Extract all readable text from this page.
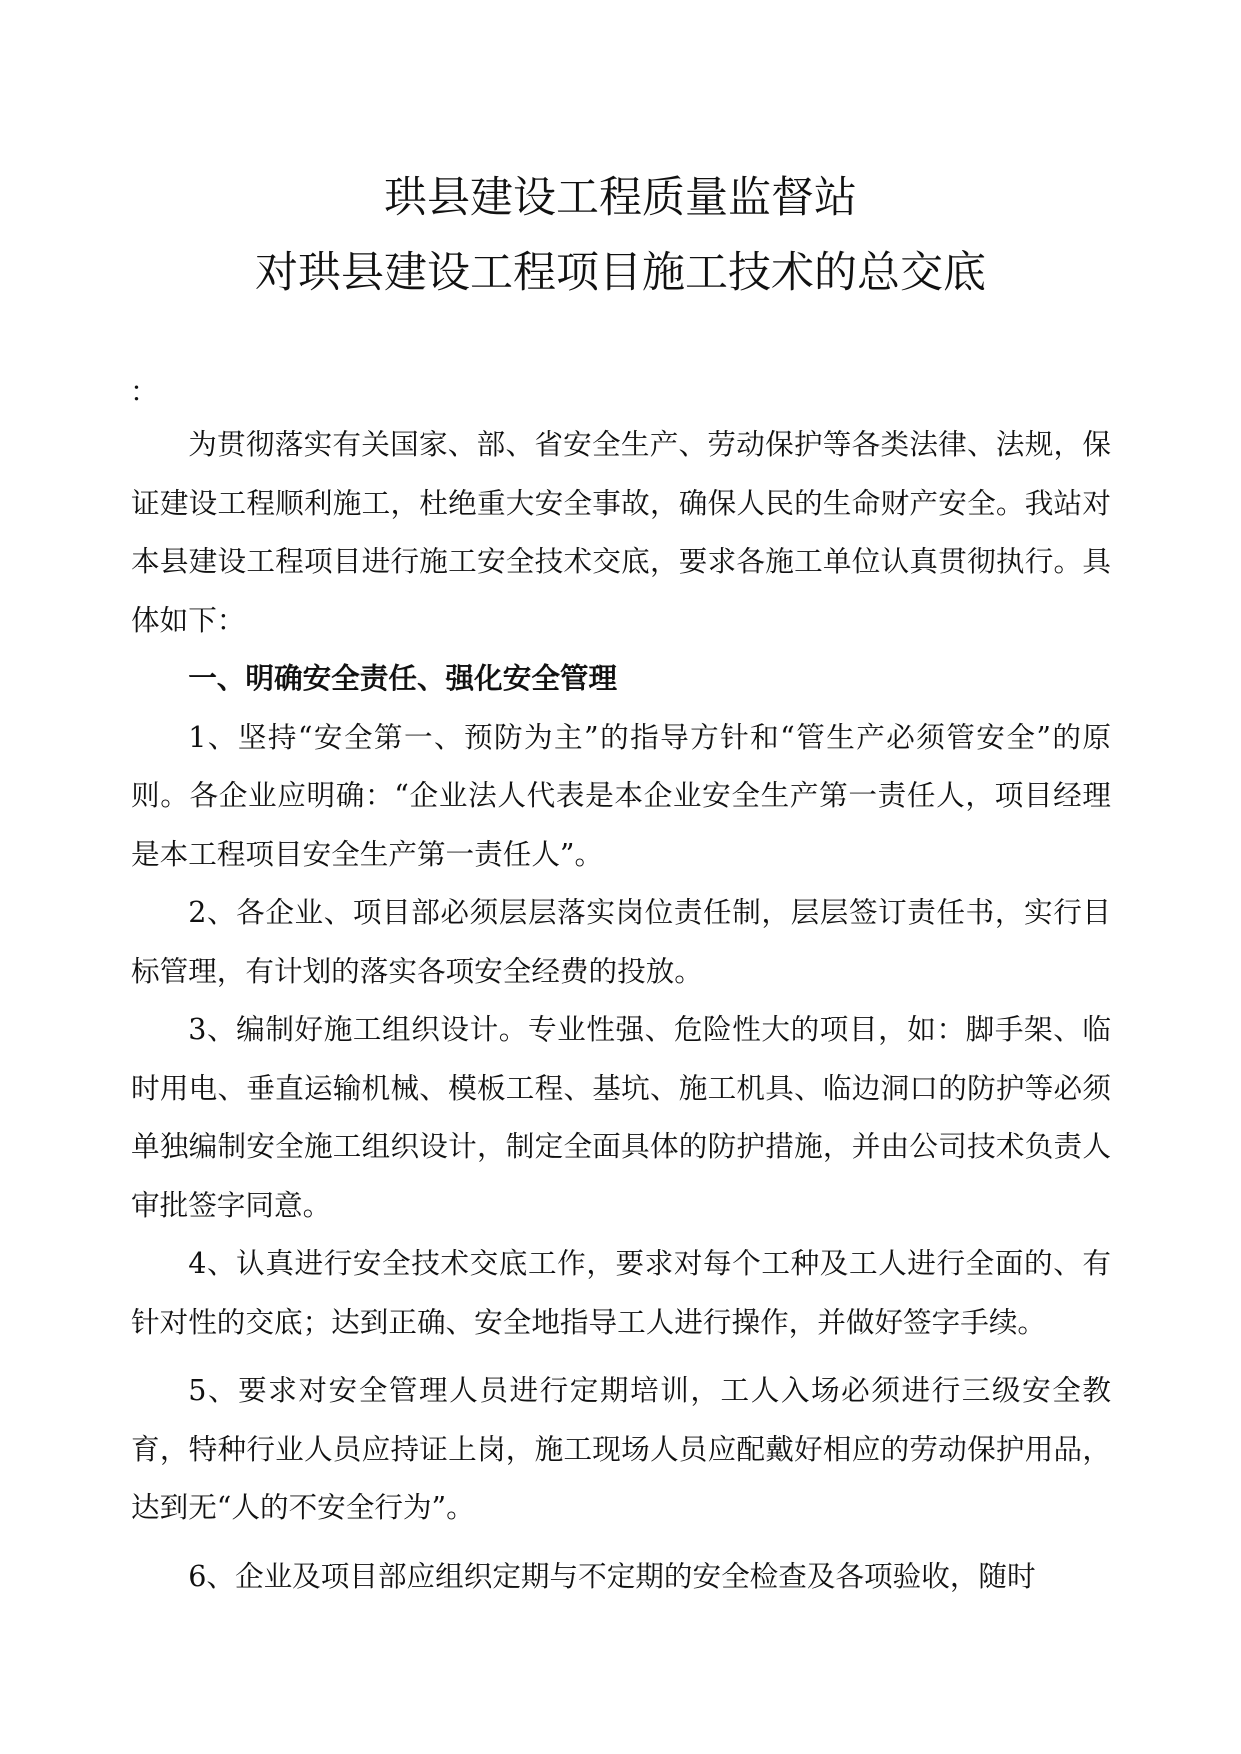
珙县建设工程质量监督站
对珙县建设工程项目施工技术的总交底
：

为贯彻落实有关国家、部、省安全生产、劳动保护等各类法律、法规，保证建设工程顺利施工，杜绝重大安全事故，确保人民的生命财产安全。我站对本县建设工程项目进行施工安全技术交底，要求各施工单位认真贯彻执行。具体如下：

一、明确安全责任、强化安全管理

1、坚持“安全第一、预防为主”的指导方针和“管生产必须管安全”的原则。各企业应明确：“企业法人代表是本企业安全生产第一责任人，项目经理是本工程项目安全生产第一责任人”。

2、各企业、项目部必须层层落实岗位责任制，层层签订责任书，实行目标管理，有计划的落实各项安全经费的投放。

3、编制好施工组织设计。专业性强、危险性大的项目，如：脚手架、临时用电、垂直运输机械、模板工程、基坑、施工机具、临边洞口的防护等必须单独编制安全施工组织设计，制定全面具体的防护措施，并由公司技术负责人审批签字同意。

4、认真进行安全技术交底工作，要求对每个工种及工人进行全面的、有针对性的交底；达到正确、安全地指导工人进行操作，并做好签字手续。

5、要求对安全管理人员进行定期培训，工人入场必须进行三级安全教育，特种行业人员应持证上岗，施工现场人员应配戴好相应的劳动保护用品，达到无“人的不安全行为”。

6、企业及项目部应组织定期与不定期的安全检查及各项验收，随时
